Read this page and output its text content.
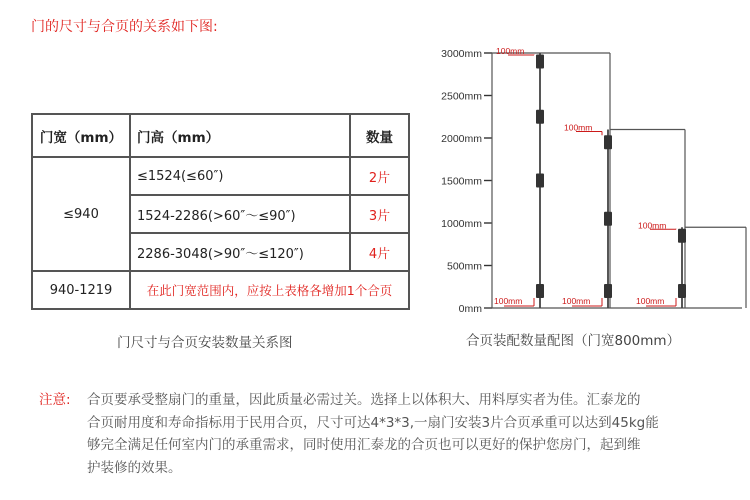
门的尺寸与合页的关系如下图:
门宽（mm）	门高（mm）	数量
≤940	≤1524(≤60″)	2片
	1524-2286(>60″～≤90″)	3片
	2286-3048(>90″～≤120″)	4片
940-1219	在此门宽范围内，应按上表格各增加1个合页	
门尺寸与合页安装数量关系图
3000mm
2500mm
2000mm
1500mm
1000mm
500mm
0mm
100mm
100mm
100mm
100mm
100mm
100mm
合页装配数量配图（门宽800mm）
注意: 合页要承受整扇门的重量，因此质量必需过关。选择上以体积大、用料厚实者为佳。汇泰龙的
合页耐用度和寿命指标用于民用合页，尺寸可达4*3*3,一扇门安装3片合页承重可以达到45kg能
够完全满足任何室内门的承重需求，同时使用汇泰龙的合页也可以更好的保护您房门，起到维
护装修的效果。
